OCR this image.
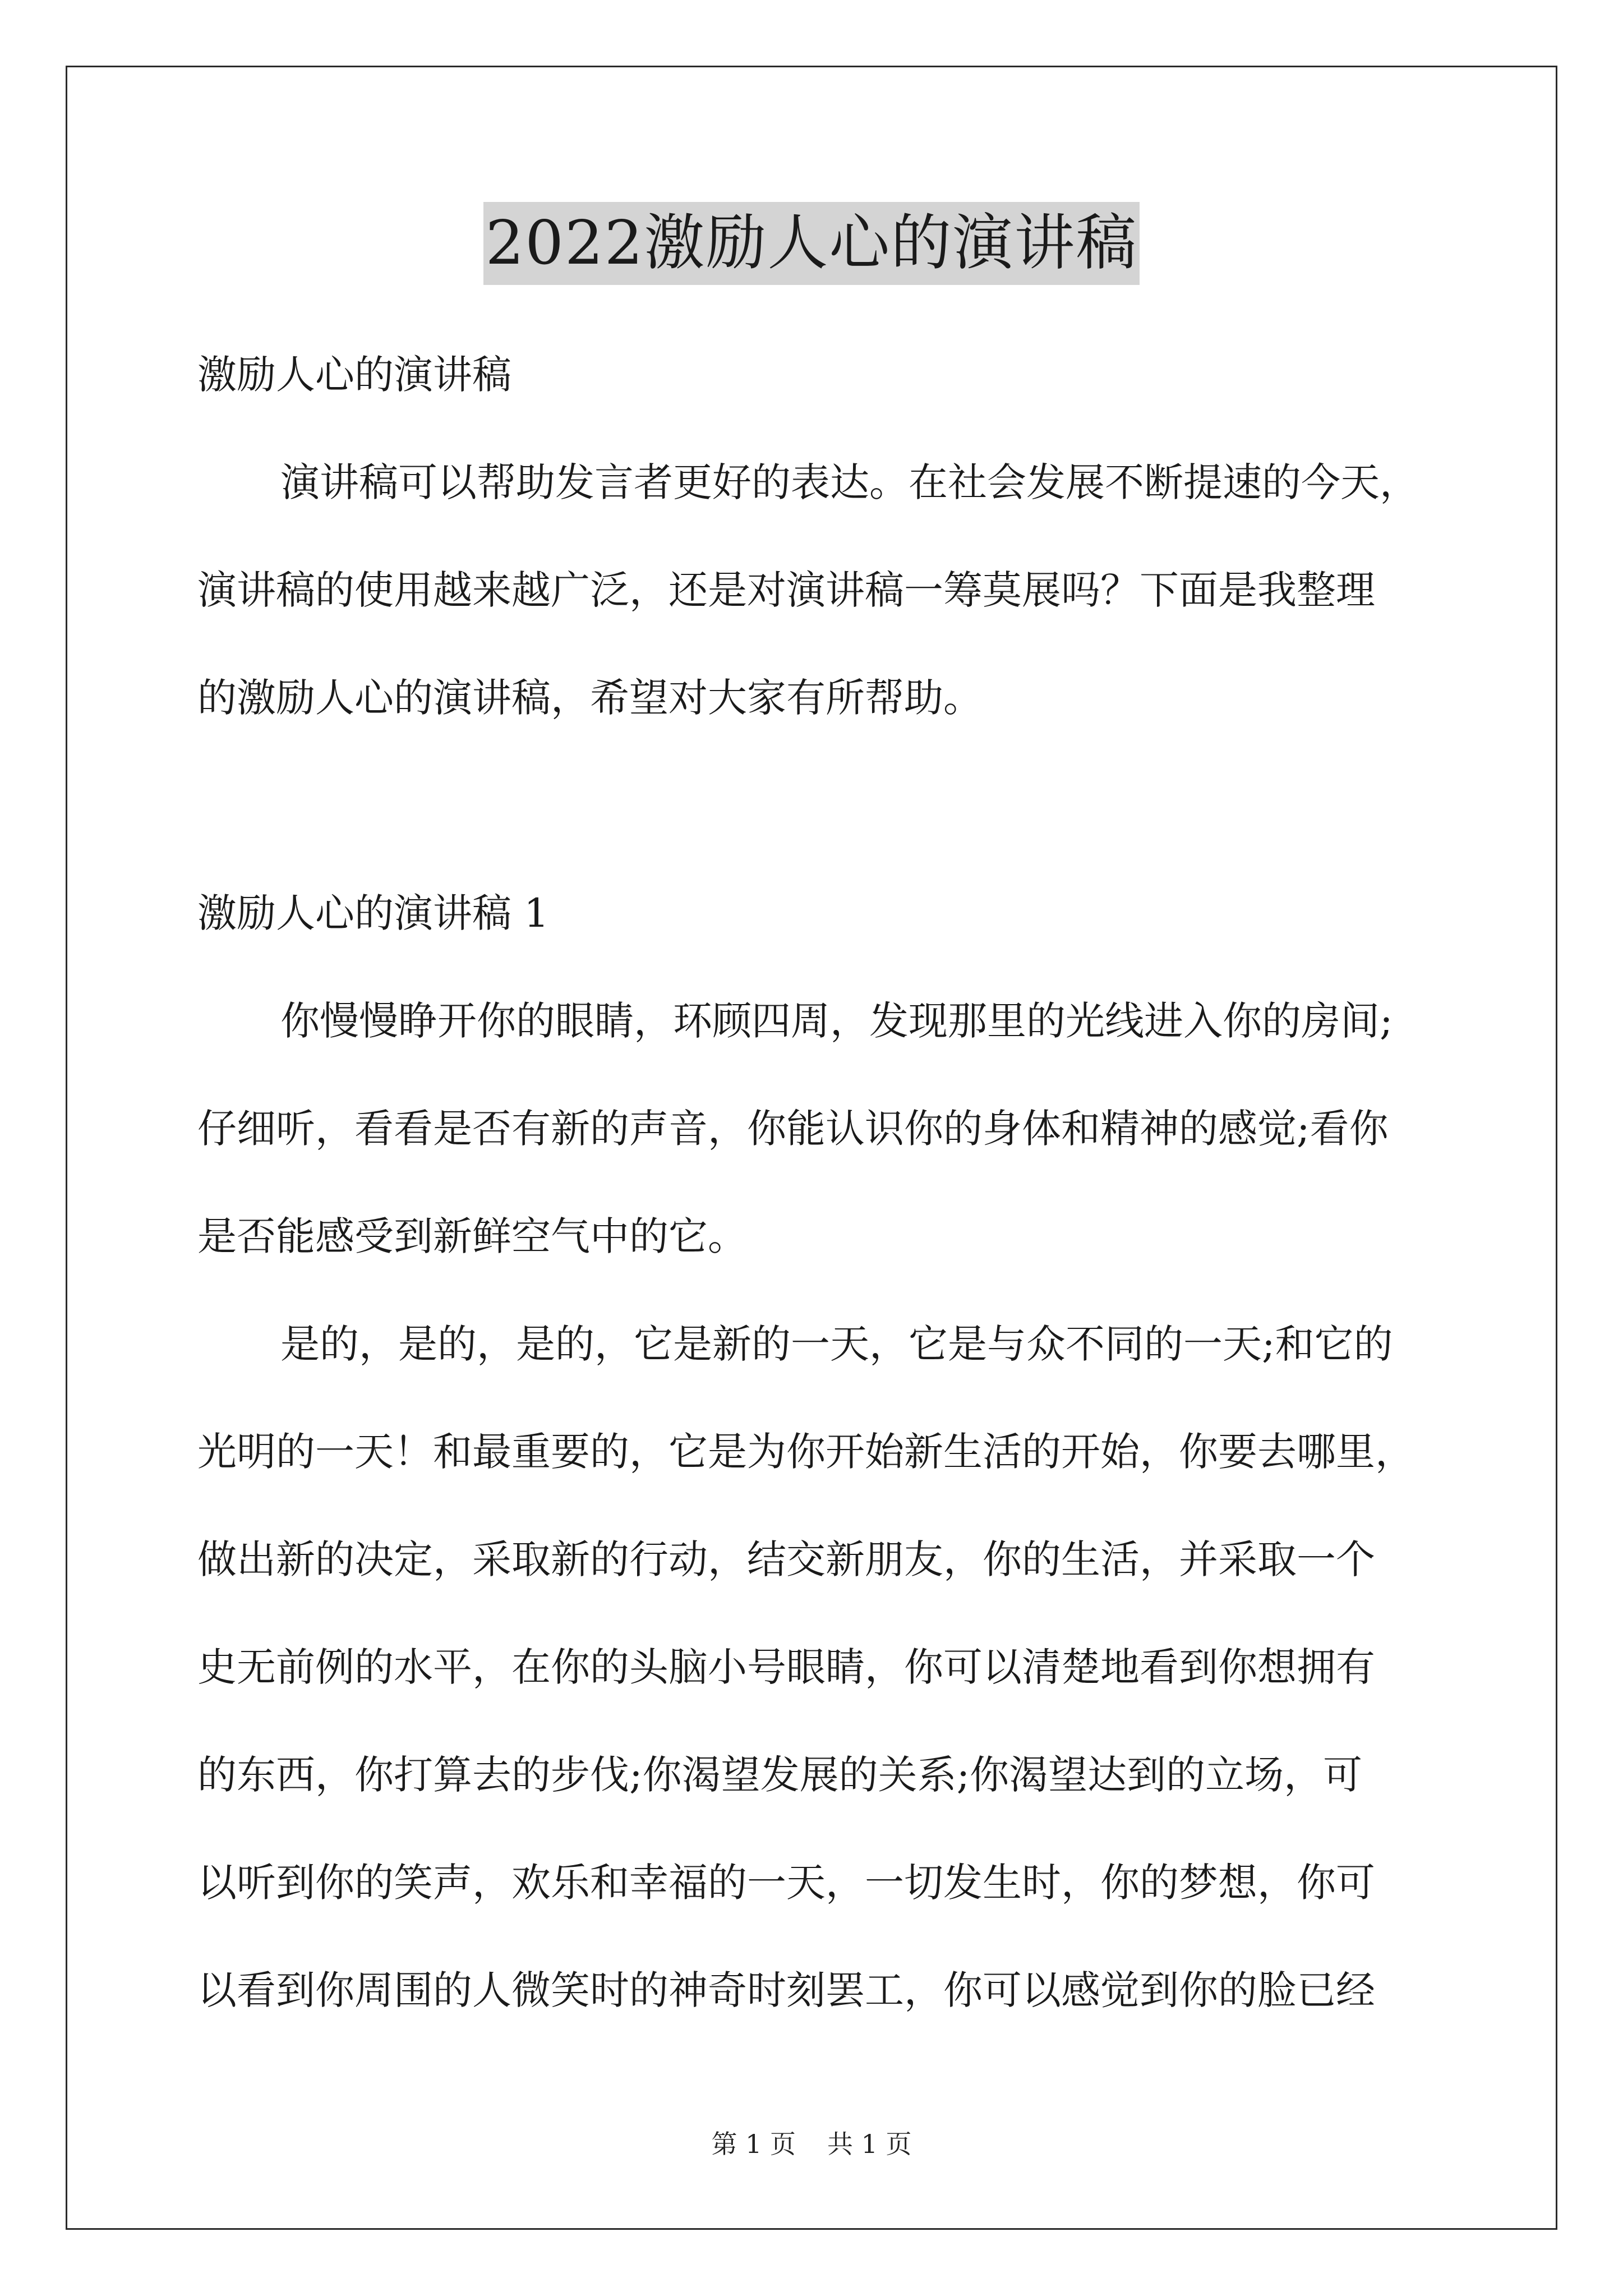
2022激励人心的演讲稿

激励人心的演讲稿

演讲稿可以帮助发言者更好的表达。在社会发展不断提速的今天，
演讲稿的使用越来越广泛，还是对演讲稿一筹莫展吗？下面是我整理
的激励人心的演讲稿，希望对大家有所帮助。

激励人心的演讲稿 1

你慢慢睁开你的眼睛，环顾四周，发现那里的光线进入你的房间;
仔细听，看看是否有新的声音，你能认识你的身体和精神的感觉;看你
是否能感受到新鲜空气中的它。
是的，是的，是的，它是新的一天，它是与众不同的一天;和它的
光明的一天！和最重要的，它是为你开始新生活的开始，你要去哪里，
做出新的决定，采取新的行动，结交新朋友，你的生活，并采取一个
史无前例的水平，在你的头脑小号眼睛，你可以清楚地看到你想拥有
的东西，你打算去的步伐;你渴望发展的关系;你渴望达到的立场，可
以听到你的笑声，欢乐和幸福的一天，一切发生时，你的梦想，你可
以看到你周围的人微笑时的神奇时刻罢工，你可以感觉到你的脸已经
第 1 页 共 1 页
